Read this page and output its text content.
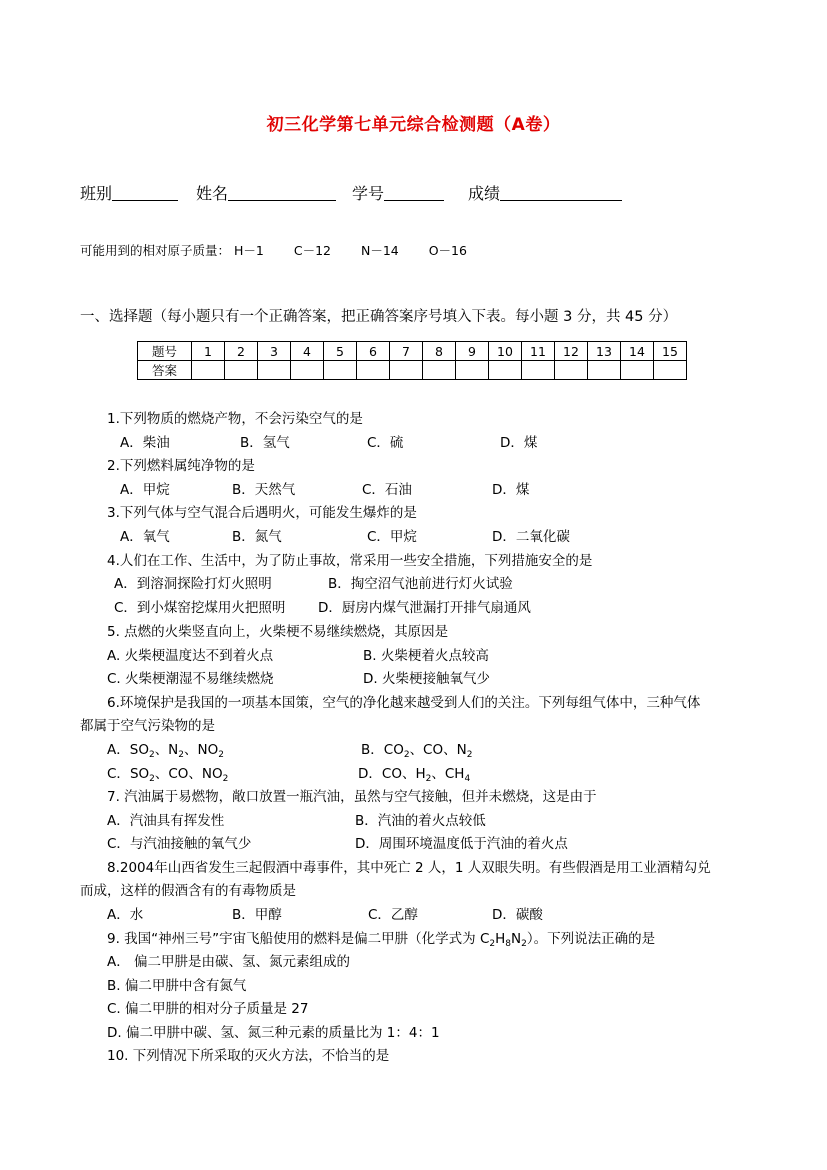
初三化学第七单元综合检测题（A卷）
班别	姓名	学号	成绩
可能用到的相对原子质量： H－1 C－12 N－14 O－16
一、选择题（每小题只有一个正确答案，把正确答案序号填入下表。每小题 3 分，共 45 分）
题号	1	2	3	4	5	6	7	8	9	10	11	12	13	14	15
答案															
1.下列物质的燃烧产物，不会污染空气的是
A．柴油	B．氢气	C．硫	D．煤
2.下列燃料属纯净物的是
A．甲烷	B．天然气	C．石油	D．煤
3.下列气体与空气混合后遇明火，可能发生爆炸的是
A．氧气	B．氮气	C．甲烷	D．二氧化碳
4.人们在工作、生活中，为了防止事故，常采用一些安全措施，下列措施安全的是
A．到溶洞探险打灯火照明	B．掏空沼气池前进行灯火试验
C．到小煤窑挖煤用火把照明 D．厨房内煤气泄漏打开排气扇通风
5. 点燃的火柴竖直向上，火柴梗不易继续燃烧，其原因是
A. 火柴梗温度达不到着火点	B. 火柴梗着火点较高
C. 火柴梗潮湿不易继续燃烧	D. 火柴梗接触氧气少
6.环境保护是我国的一项基本国策，空气的净化越来越受到人们的关注。下列每组气体中，三种气体
都属于空气污染物的是
A．$SO_2$、$N_2$、$NO_2$	B．$CO_2$、CO、$N_2$
C．$SO_2$、CO、$NO_2$	D．CO、$H_2$、$CH_4$
7. 汽油属于易燃物，敞口放置一瓶汽油，虽然与空气接触，但并未燃烧，这是由于
A．汽油具有挥发性	B．汽油的着火点较低
C．与汽油接触的氧气少	D．周围环境温度低于汽油的着火点
8.2004年山西省发生三起假酒中毒事件，其中死亡 2 人，1 人双眼失明。有些假酒是用工业酒精勾兑
而成，这样的假酒含有的有毒物质是
A．水	B．甲醇	C．乙醇	D．碳酸
9. 我国“神州三号”宇宙飞船使用的燃料是偏二甲肼（化学式为 $C_2H_8N_2$）。下列说法正确的是
A． 偏二甲肼是由碳、氢、氮元素组成的
B. 偏二甲肼中含有氮气
C. 偏二甲肼的相对分子质量是 27
D. 偏二甲肼中碳、氢、氮三种元素的质量比为 1：4：1
10. 下列情况下所采取的灭火方法，不恰当的是
